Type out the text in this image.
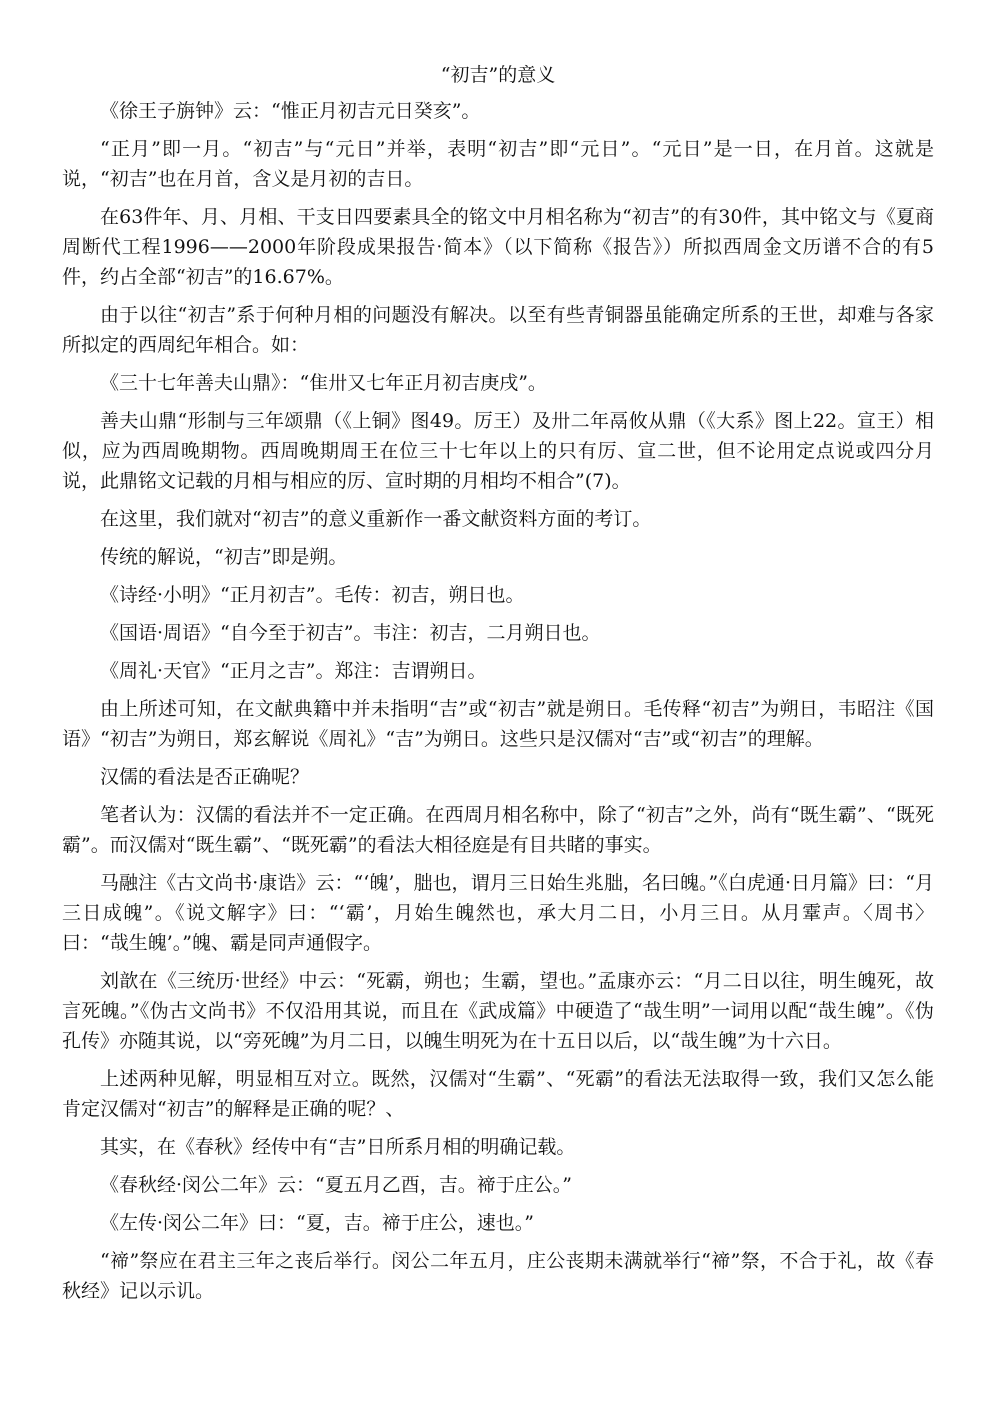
“初吉”的意义

《徐王子旃钟》云：“惟正月初吉元日癸亥”。

“正月”即一月。“初吉”与“元日”并举，表明“初吉”即“元日”。“元日”是一日，在月首。这就是说，“初吉”也在月首，含义是月初的吉日。

在63件年、月、月相、干支日四要素具全的铭文中月相名称为“初吉”的有30件，其中铭文与《夏商周断代工程1996——2000年阶段成果报告·简本》（以下简称《报告》）所拟西周金文历谱不合的有5件，约占全部“初吉”的16.67%。

由于以往“初吉”系于何种月相的问题没有解决。以至有些青铜器虽能确定所系的王世，却难与各家所拟定的西周纪年相合。如：

《三十七年善夫山鼎》：“隹卅又七年正月初吉庚戌”。

善夫山鼎“形制与三年颂鼎（《上铜》图49。厉王）及卅二年鬲攸从鼎（《大系》图上22。宣王）相似，应为西周晚期物。西周晚期周王在位三十七年以上的只有厉、宣二世，但不论用定点说或四分月说，此鼎铭文记载的月相与相应的厉、宣时期的月相均不相合”(7)。

在这里，我们就对“初吉”的意义重新作一番文献资料方面的考订。

传统的解说，“初吉”即是朔。

《诗经·小明》“正月初吉”。毛传：初吉，朔日也。

《国语·周语》“自今至于初吉”。韦注：初吉，二月朔日也。

《周礼·天官》“正月之吉”。郑注：吉谓朔日。

由上所述可知，在文献典籍中并未指明“吉”或“初吉”就是朔日。毛传释“初吉”为朔日，韦昭注《国语》“初吉”为朔日，郑玄解说《周礼》“吉”为朔日。这些只是汉儒对“吉”或“初吉”的理解。

汉儒的看法是否正确呢？

笔者认为：汉儒的看法并不一定正确。在西周月相名称中，除了“初吉”之外，尚有“既生霸”、“既死霸”。而汉儒对“既生霸”、“既死霸”的看法大相径庭是有目共睹的事实。

马融注《古文尚书·康诰》云：“‘魄’，朏也，谓月三日始生兆朏，名曰魄。”《白虎通·日月篇》曰：“月三日成魄”。《说文解字》曰：“‘霸’，月始生魄然也，承大月二日，小月三日。从月䨣声。〈周书〉曰：“哉生魄’。”魄、霸是同声通假字。

刘歆在《三统历·世经》中云：“死霸，朔也；生霸，望也。”孟康亦云：“月二日以往，明生魄死，故言死魄。”《伪古文尚书》不仅沿用其说，而且在《武成篇》中硬造了“哉生明”一词用以配“哉生魄”。《伪孔传》亦随其说，以“旁死魄”为月二日，以魄生明死为在十五日以后，以“哉生魄”为十六日。

上述两种见解，明显相互对立。既然，汉儒对“生霸”、“死霸”的看法无法取得一致，我们又怎么能肯定汉儒对“初吉”的解释是正确的呢？、

其实，在《春秋》经传中有“吉”日所系月相的明确记载。

《春秋经·闵公二年》云：“夏五月乙酉，吉。禘于庄公。”

《左传·闵公二年》曰：“夏，吉。禘于庄公，速也。”

“禘”祭应在君主三年之丧后举行。闵公二年五月，庄公丧期未满就举行“禘”祭，不合于礼，故《春秋经》记以示讥。
